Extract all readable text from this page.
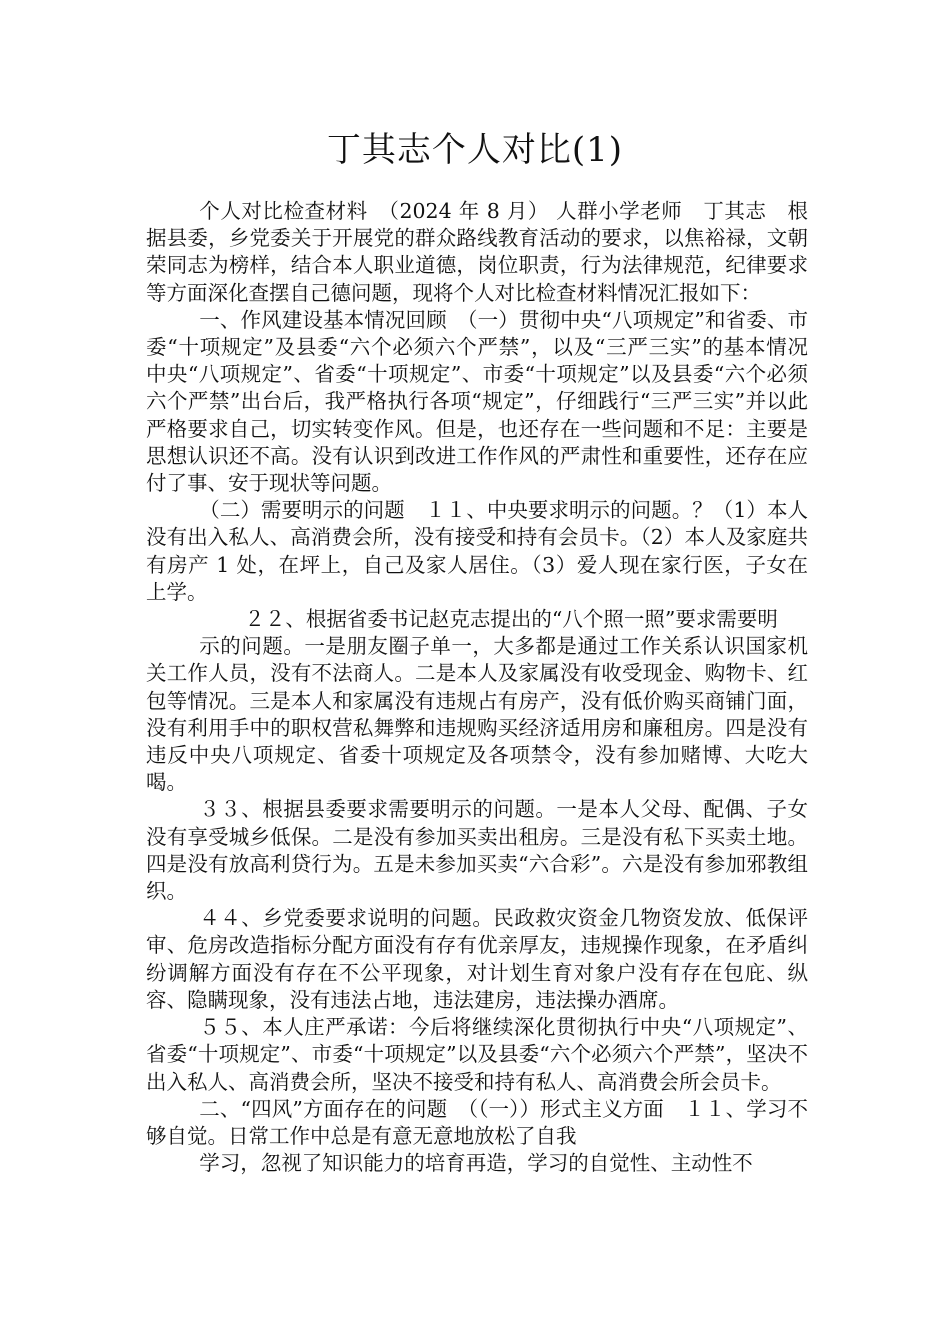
丁其志个人对比(1)

个人对比检查材料　（2024 年 8 月） 人群小学老师　丁其志　根据县委，乡党委关于开展党的群众路线教育活动的要求，以焦裕禄，文朝荣同志为榜样，结合本人职业道德，岗位职责，行为法律规范，纪律要求等方面深化查摆自己德问题，现将个人对比检查材料情况汇报如下：

一、作风建设基本情况回顾　（一）贯彻中央“八项规定”和省委、市委“十项规定”及县委“六个必须六个严禁”，以及“三严三实”的基本情况　中央“八项规定”、省委“十项规定”、市委“十项规定”以及县委“六个必须六个严禁”出台后，我严格执行各项“规定”，仔细践行“三严三实”并以此严格要求自己，切实转变作风。但是，也还存在一些问题和不足：主要是思想认识还不高。没有认识到改进工作作风的严肃性和重要性，还存在应付了事、安于现状等问题。

（二）需要明示的问题　１１、中央要求明示的问题。？（1）本人没有出入私人、高消费会所，没有接受和持有会员卡。（2）本人及家庭共有房产 1 处，在坪上，自己及家人居住。（3）爱人现在家行医，子女在上学。

２２、根据省委书记赵克志提出的“八个照一照”要求需要明

示的问题。一是朋友圈子单一，大多都是通过工作关系认识国家机关工作人员，没有不法商人。二是本人及家属没有收受现金、购物卡、红包等情况。三是本人和家属没有违规占有房产，没有低价购买商铺门面，没有利用手中的职权营私舞弊和违规购买经济适用房和廉租房。四是没有违反中央八项规定、省委十项规定及各项禁令，没有参加赌博、大吃大喝。

３３、根据县委要求需要明示的问题。一是本人父母、配偶、子女没有享受城乡低保。二是没有参加买卖出租房。三是没有私下买卖土地。四是没有放高利贷行为。五是未参加买卖“六合彩”。六是没有参加邪教组织。

４４、乡党委要求说明的问题。民政救灾资金几物资发放、低保评审、危房改造指标分配方面没有存有优亲厚友，违规操作现象，在矛盾纠纷调解方面没有存在不公平现象，对计划生育对象户没有存在包庇、纵容、隐瞒现象，没有违法占地，违法建房，违法操办酒席。

５５、本人庄严承诺：今后将继续深化贯彻执行中央“八项规定”、省委“十项规定”、市委“十项规定”以及县委“六个必须六个严禁”，坚决不出入私人、高消费会所，坚决不接受和持有私人、高消费会所会员卡。

二、“四风”方面存在的问题　（（一））形式主义方面　１１、学习不够自觉。日常工作中总是有意无意地放松了自我

学习，忽视了知识能力的培育再造，学习的自觉性、主动性不
